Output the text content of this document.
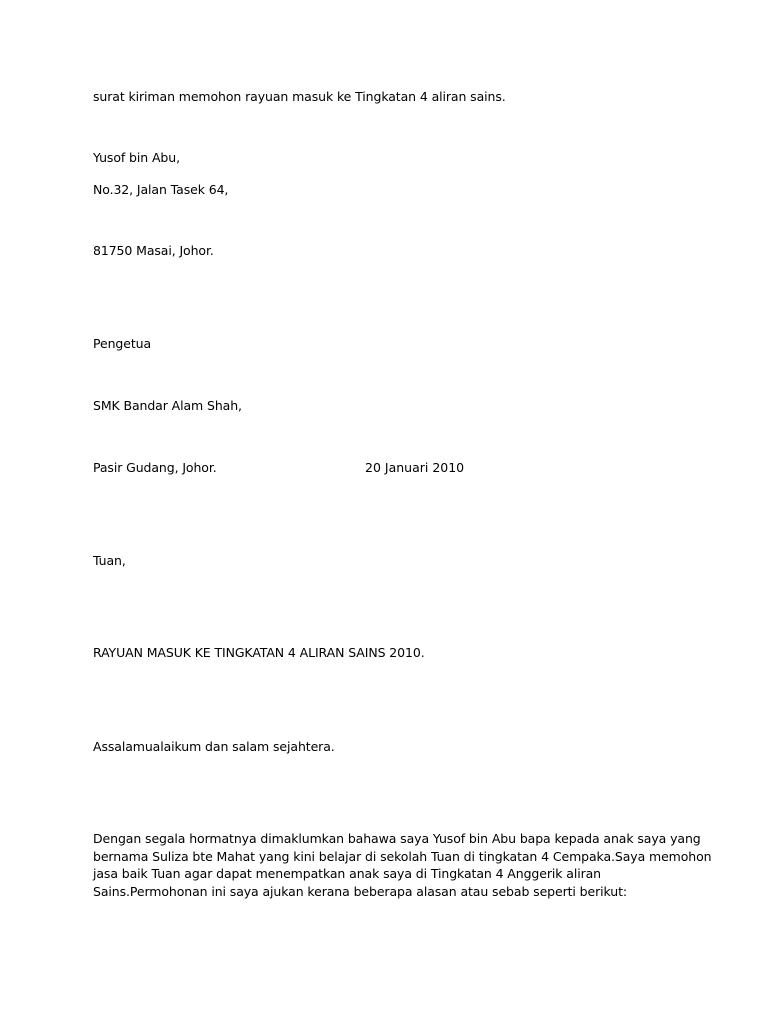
surat kiriman memohon rayuan masuk ke Tingkatan 4 aliran sains.
Yusof bin Abu,
No.32, Jalan Tasek 64,
81750 Masai, Johor.
Pengetua
SMK Bandar Alam Shah,
Pasir Gudang, Johor.	20 Januari 2010
Tuan,
RAYUAN MASUK KE TINGKATAN 4 ALIRAN SAINS 2010.
Assalamualaikum dan salam sejahtera.
Dengan segala hormatnya dimaklumkan bahawa saya Yusof bin Abu bapa kepada anak saya yang
bernama Suliza bte Mahat yang kini belajar di sekolah Tuan di tingkatan 4 Cempaka.Saya memohon
jasa baik Tuan agar dapat menempatkan anak saya di Tingkatan 4 Anggerik aliran
Sains.Permohonan ini saya ajukan kerana beberapa alasan atau sebab seperti berikut:
